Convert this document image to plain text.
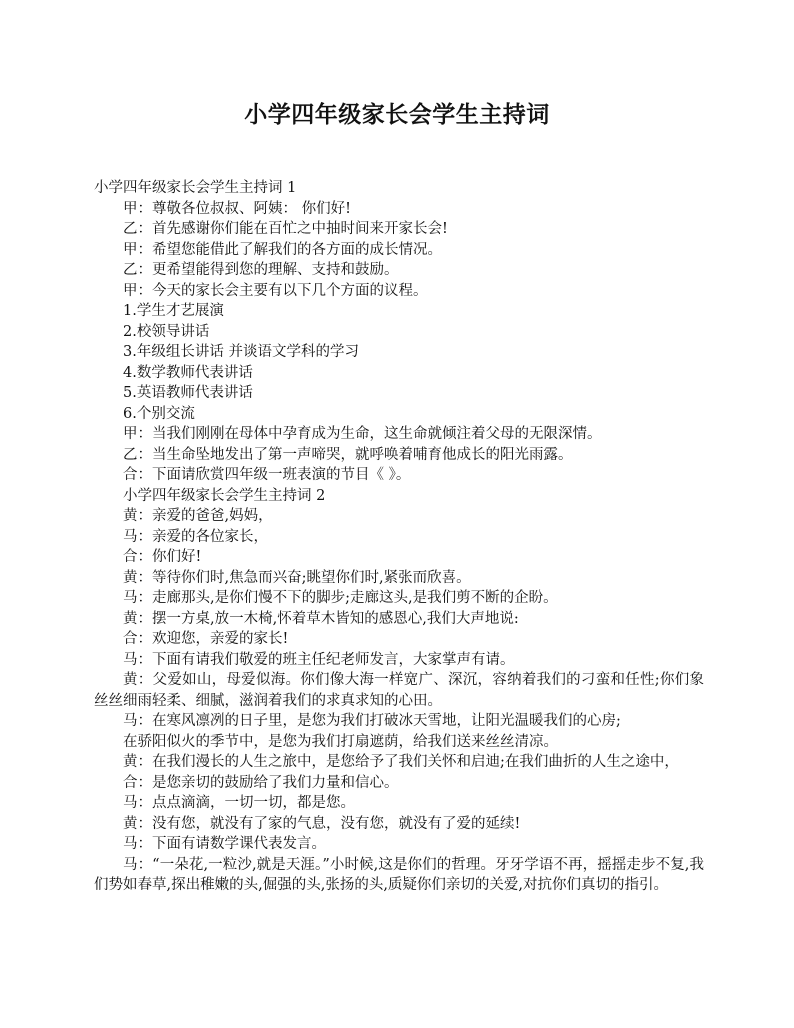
小学四年级家长会学生主持词

小学四年级家长会学生主持词 1

甲：尊敬各位叔叔、阿姨： 你们好!

乙：首先感谢你们能在百忙之中抽时间来开家长会!

甲：希望您能借此了解我们的各方面的成长情况。

乙：更希望能得到您的理解、支持和鼓励。

甲：今天的家长会主要有以下几个方面的议程。

1.学生才艺展演

2.校领导讲话

3.年级组长讲话 并谈语文学科的学习

4.数学教师代表讲话

5.英语教师代表讲话

6.个别交流

甲：当我们刚刚在母体中孕育成为生命，这生命就倾注着父母的无限深情。

乙：当生命坠地发出了第一声啼哭，就呼唤着哺育他成长的阳光雨露。

合：下面请欣赏四年级一班表演的节目《 》。

小学四年级家长会学生主持词 2

黄：亲爱的爸爸,妈妈，

马：亲爱的各位家长，

合：你们好!

黄：等待你们时,焦急而兴奋;眺望你们时,紧张而欣喜。

马：走廊那头,是你们慢不下的脚步;走廊这头,是我们剪不断的企盼。

黄：摆一方桌,放一木椅,怀着草木皆知的感恩心,我们大声地说:

合：欢迎您，亲爱的家长!

马：下面有请我们敬爱的班主任纪老师发言，大家掌声有请。

黄：父爱如山，母爱似海。你们像大海一样宽广、深沉，容纳着我们的刁蛮和任性;你们象丝丝细雨轻柔、细腻，滋润着我们的求真求知的心田。

马：在寒风凛冽的日子里，是您为我们打破冰天雪地，让阳光温暖我们的心房;

在骄阳似火的季节中，是您为我们打扇遮荫，给我们送来丝丝清凉。

黄：在我们漫长的人生之旅中，是您给予了我们关怀和启迪;在我们曲折的人生之途中，

合：是您亲切的鼓励给了我们力量和信心。

马：点点滴滴，一切一切，都是您。

黄：没有您，就没有了家的气息，没有您，就没有了爱的延续!

马：下面有请数学课代表发言。

马：“一朵花,一粒沙,就是天涯。”小时候,这是你们的哲理。牙牙学语不再，摇摇走步不复,我们势如春草,探出稚嫩的头,倔强的头,张扬的头,质疑你们亲切的关爱,对抗你们真切的指引。
